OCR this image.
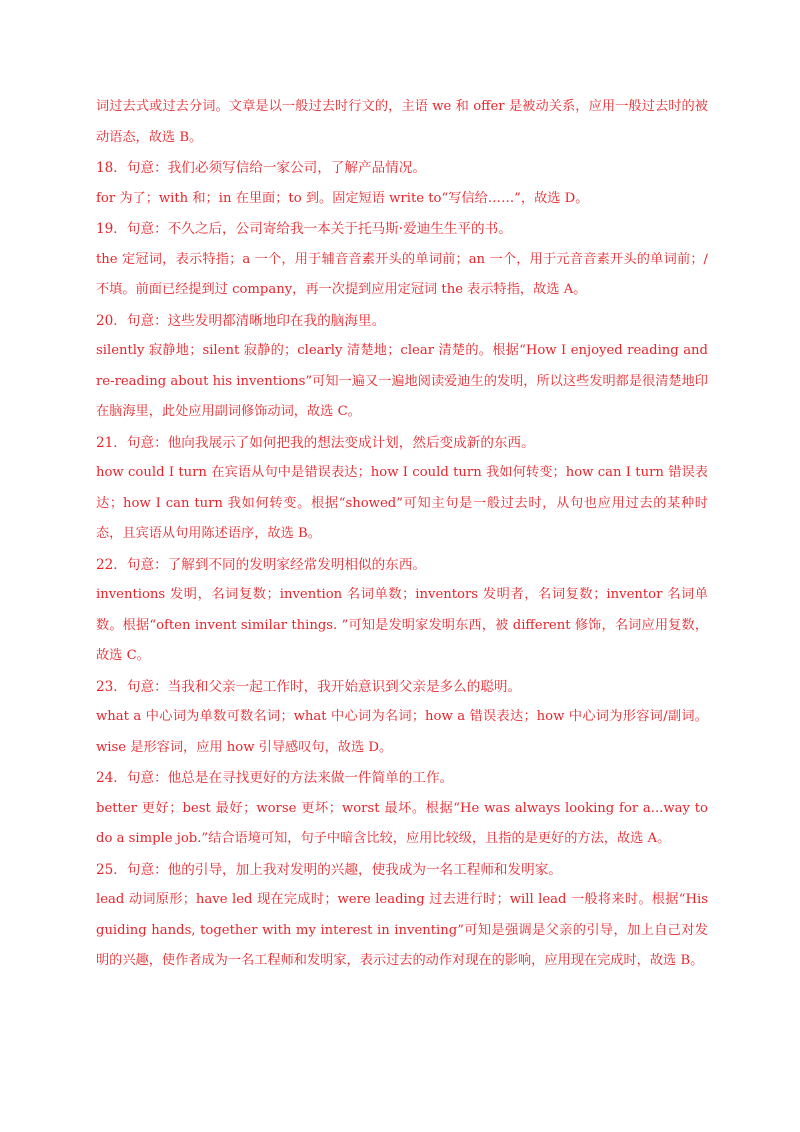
词过去式或过去分词。文章是以一般过去时行文的，主语 we 和 offer 是被动关系，应用一般过去时的被动语态，故选 B。

18．句意：我们必须写信给一家公司，了解产品情况。

for 为了；with 和；in 在里面；to 到。固定短语 write to“写信给……”，故选 D。

19．句意：不久之后，公司寄给我一本关于托马斯·爱迪生生平的书。

the 定冠词，表示特指；a 一个，用于辅音音素开头的单词前；an 一个，用于元音音素开头的单词前；/不填。前面已经提到过 company，再一次提到应用定冠词 the 表示特指，故选 A。

20．句意：这些发明都清晰地印在我的脑海里。

silently 寂静地；silent 寂静的；clearly 清楚地；clear 清楚的。根据“How I enjoyed reading and re-reading about his inventions”可知一遍又一遍地阅读爱迪生的发明，所以这些发明都是很清楚地印在脑海里，此处应用副词修饰动词，故选 C。

21．句意：他向我展示了如何把我的想法变成计划，然后变成新的东西。

how could I turn 在宾语从句中是错误表达；how I could turn 我如何转变；how can I turn 错误表达；how I can turn 我如何转变。根据“showed”可知主句是一般过去时，从句也应用过去的某种时态，且宾语从句用陈述语序，故选 B。

22．句意：了解到不同的发明家经常发明相似的东西。

inventions 发明，名词复数；invention 名词单数；inventors 发明者，名词复数；inventor 名词单数。根据“often invent similar things. ”可知是发明家发明东西，被 different 修饰，名词应用复数，故选 C。

23．句意：当我和父亲一起工作时，我开始意识到父亲是多么的聪明。

what a 中心词为单数可数名词；what 中心词为名词；how a 错误表达；how 中心词为形容词/副词。wise 是形容词，应用 how 引导感叹句，故选 D。

24．句意：他总是在寻找更好的方法来做一件简单的工作。

better 更好；best 最好；worse 更坏；worst 最坏。根据“He was always looking for a...way to do a simple job.”结合语境可知，句子中暗含比较，应用比较级，且指的是更好的方法，故选 A。

25．句意：他的引导，加上我对发明的兴趣，使我成为一名工程师和发明家。

lead 动词原形；have led 现在完成时；were leading 过去进行时；will lead 一般将来时。根据“His guiding hands, together with my interest in inventing”可知是强调是父亲的引导，加上自己对发明的兴趣，使作者成为一名工程师和发明家，表示过去的动作对现在的影响，应用现在完成时，故选 B。
